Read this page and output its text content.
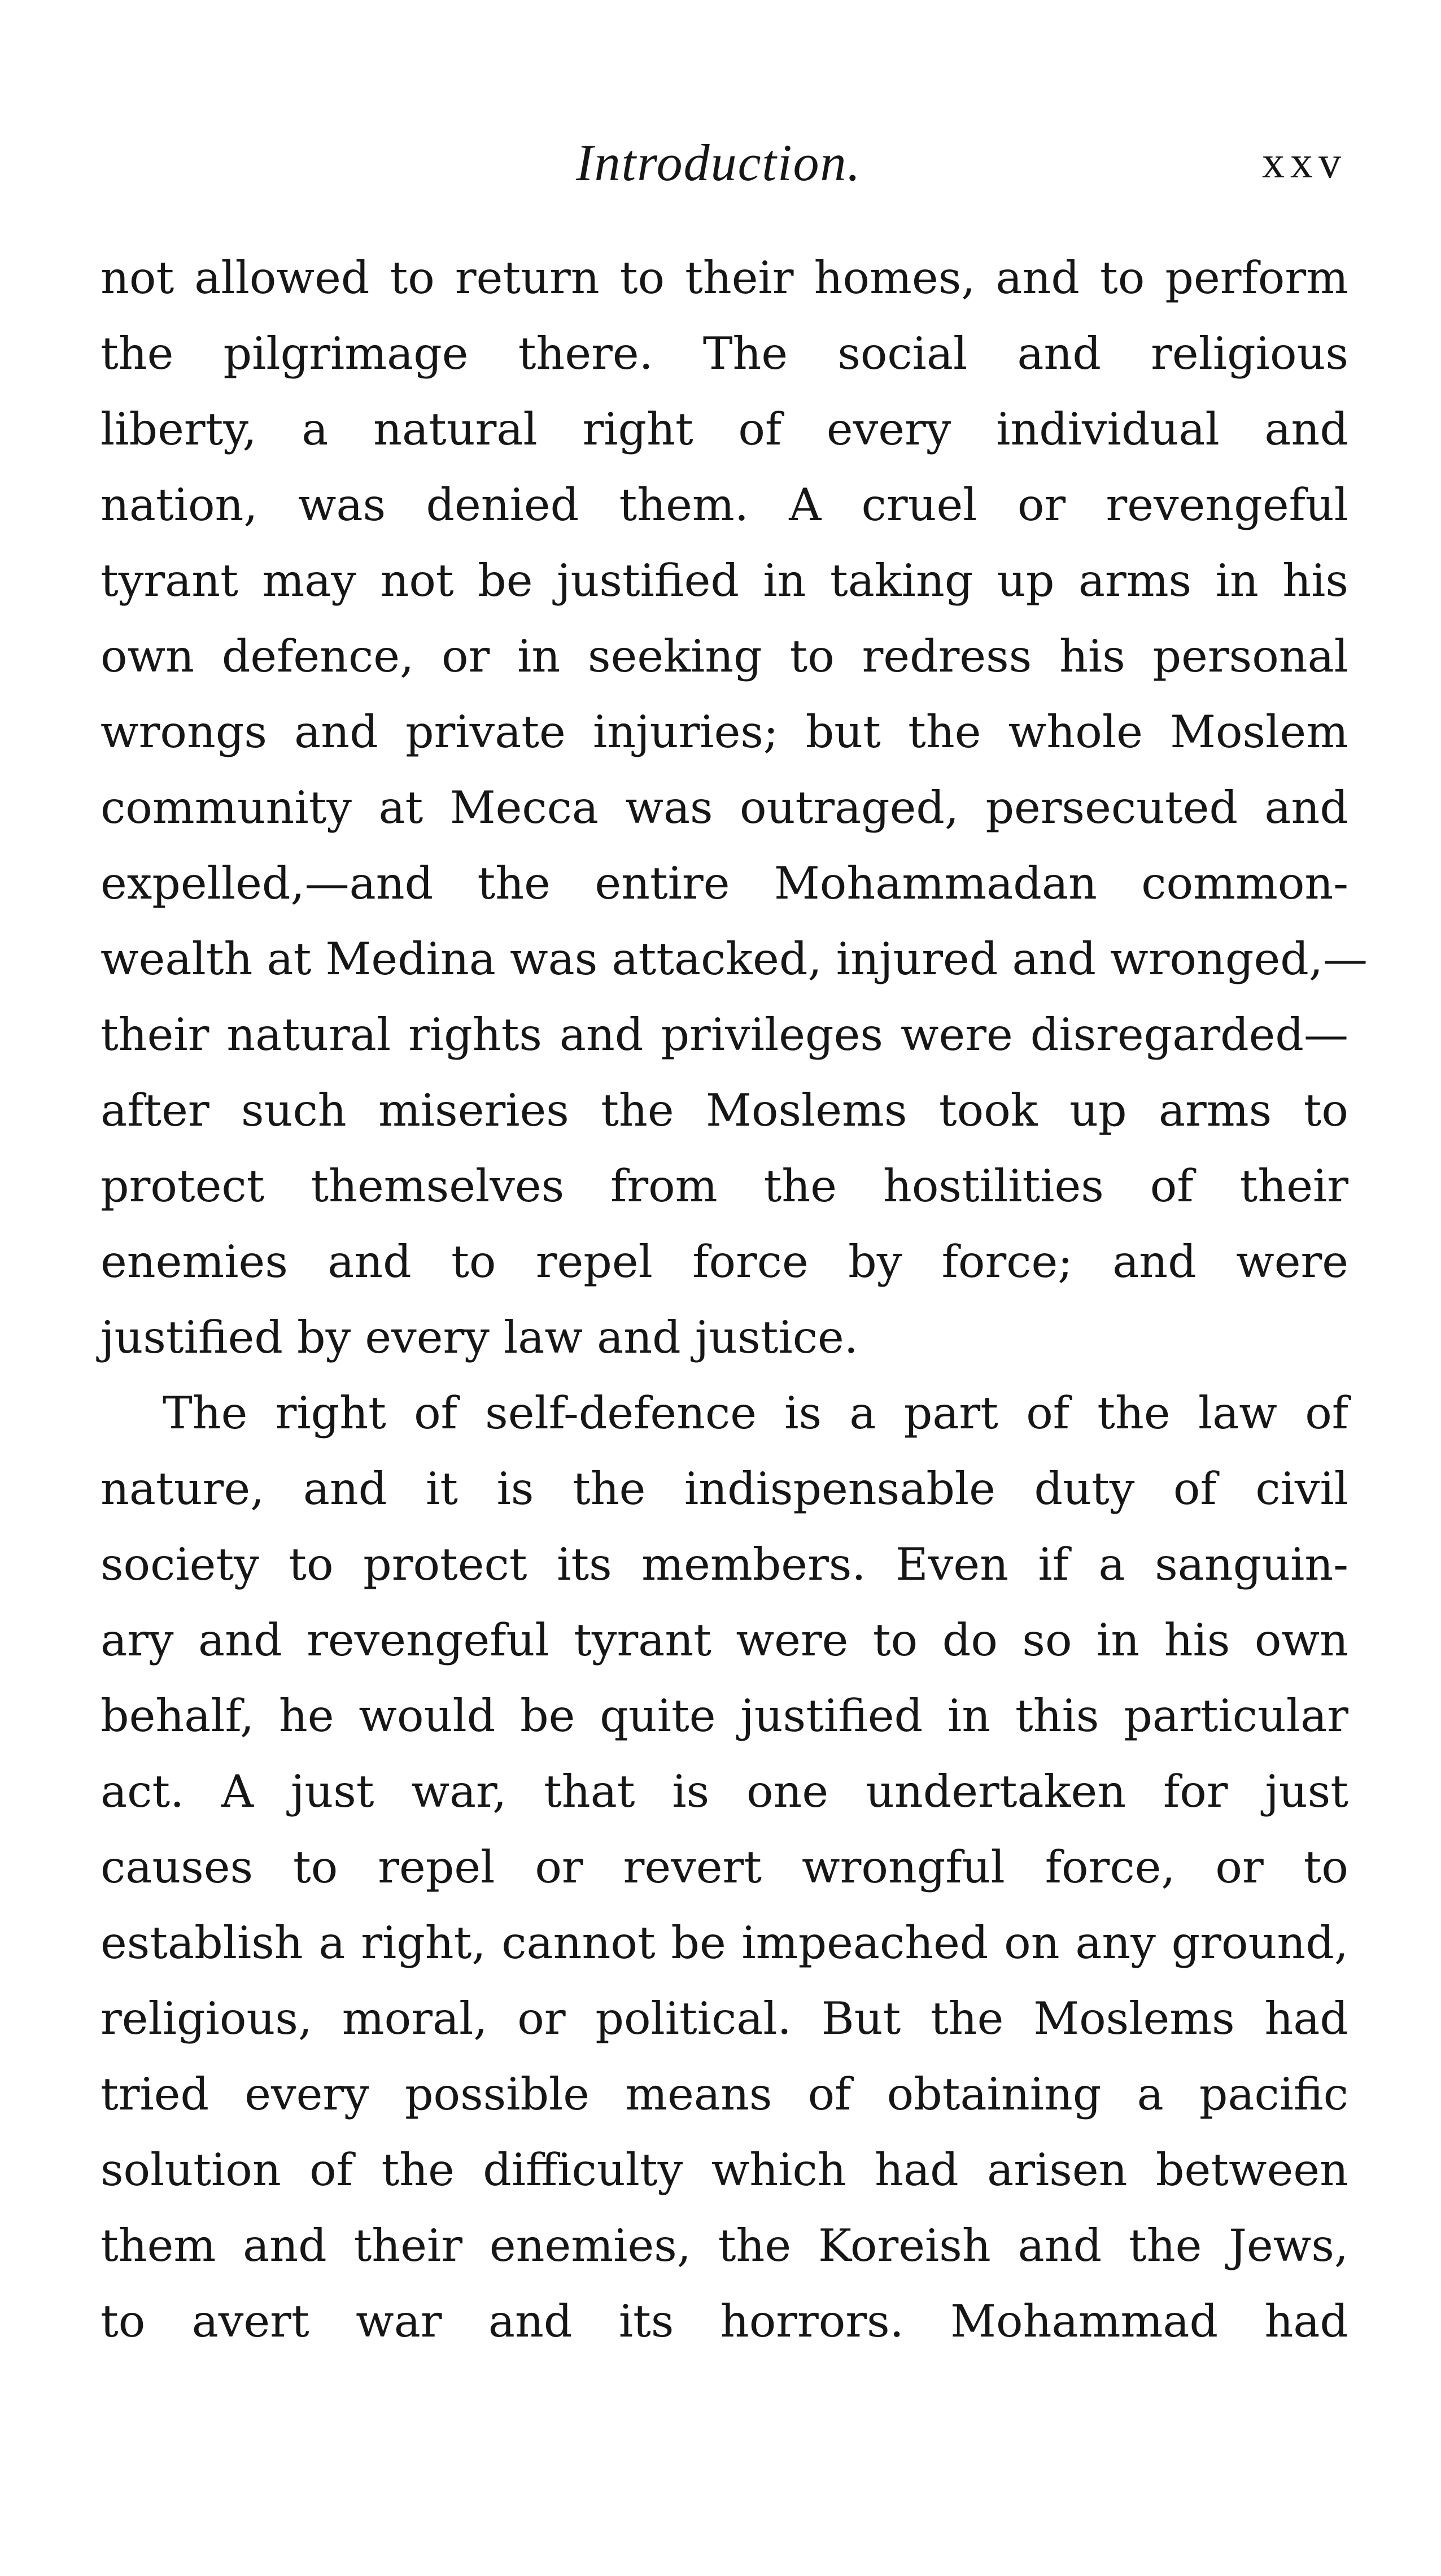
Introduction.	xxv
not allowed to return to their homes, and to perform
the pilgrimage there. The social and religious
liberty, a natural right of every individual and
nation, was denied them. A cruel or revengeful
tyrant may not be justified in taking up arms in his
own defence, or in seeking to redress his personal
wrongs and private injuries; but the whole Moslem
community at Mecca was outraged, persecuted and
expelled,—and the entire Mohammadan common-
wealth at Medina was attacked, injured and wronged,—
their natural rights and privileges were disregarded—
after such miseries the Moslems took up arms to
protect themselves from the hostilities of their
enemies and to repel force by force; and were
justified by every law and justice.
The right of self-defence is a part of the law of
nature, and it is the indispensable duty of civil
society to protect its members. Even if a sanguin-
ary and revengeful tyrant were to do so in his own
behalf, he would be quite justified in this particular
act. A just war, that is one undertaken for just
causes to repel or revert wrongful force, or to
establish a right, cannot be impeached on any ground,
religious, moral, or political. But the Moslems had
tried every possible means of obtaining a pacific
solution of the difficulty which had arisen between
them and their enemies, the Koreish and the Jews,
to avert war and its horrors. Mohammad had
